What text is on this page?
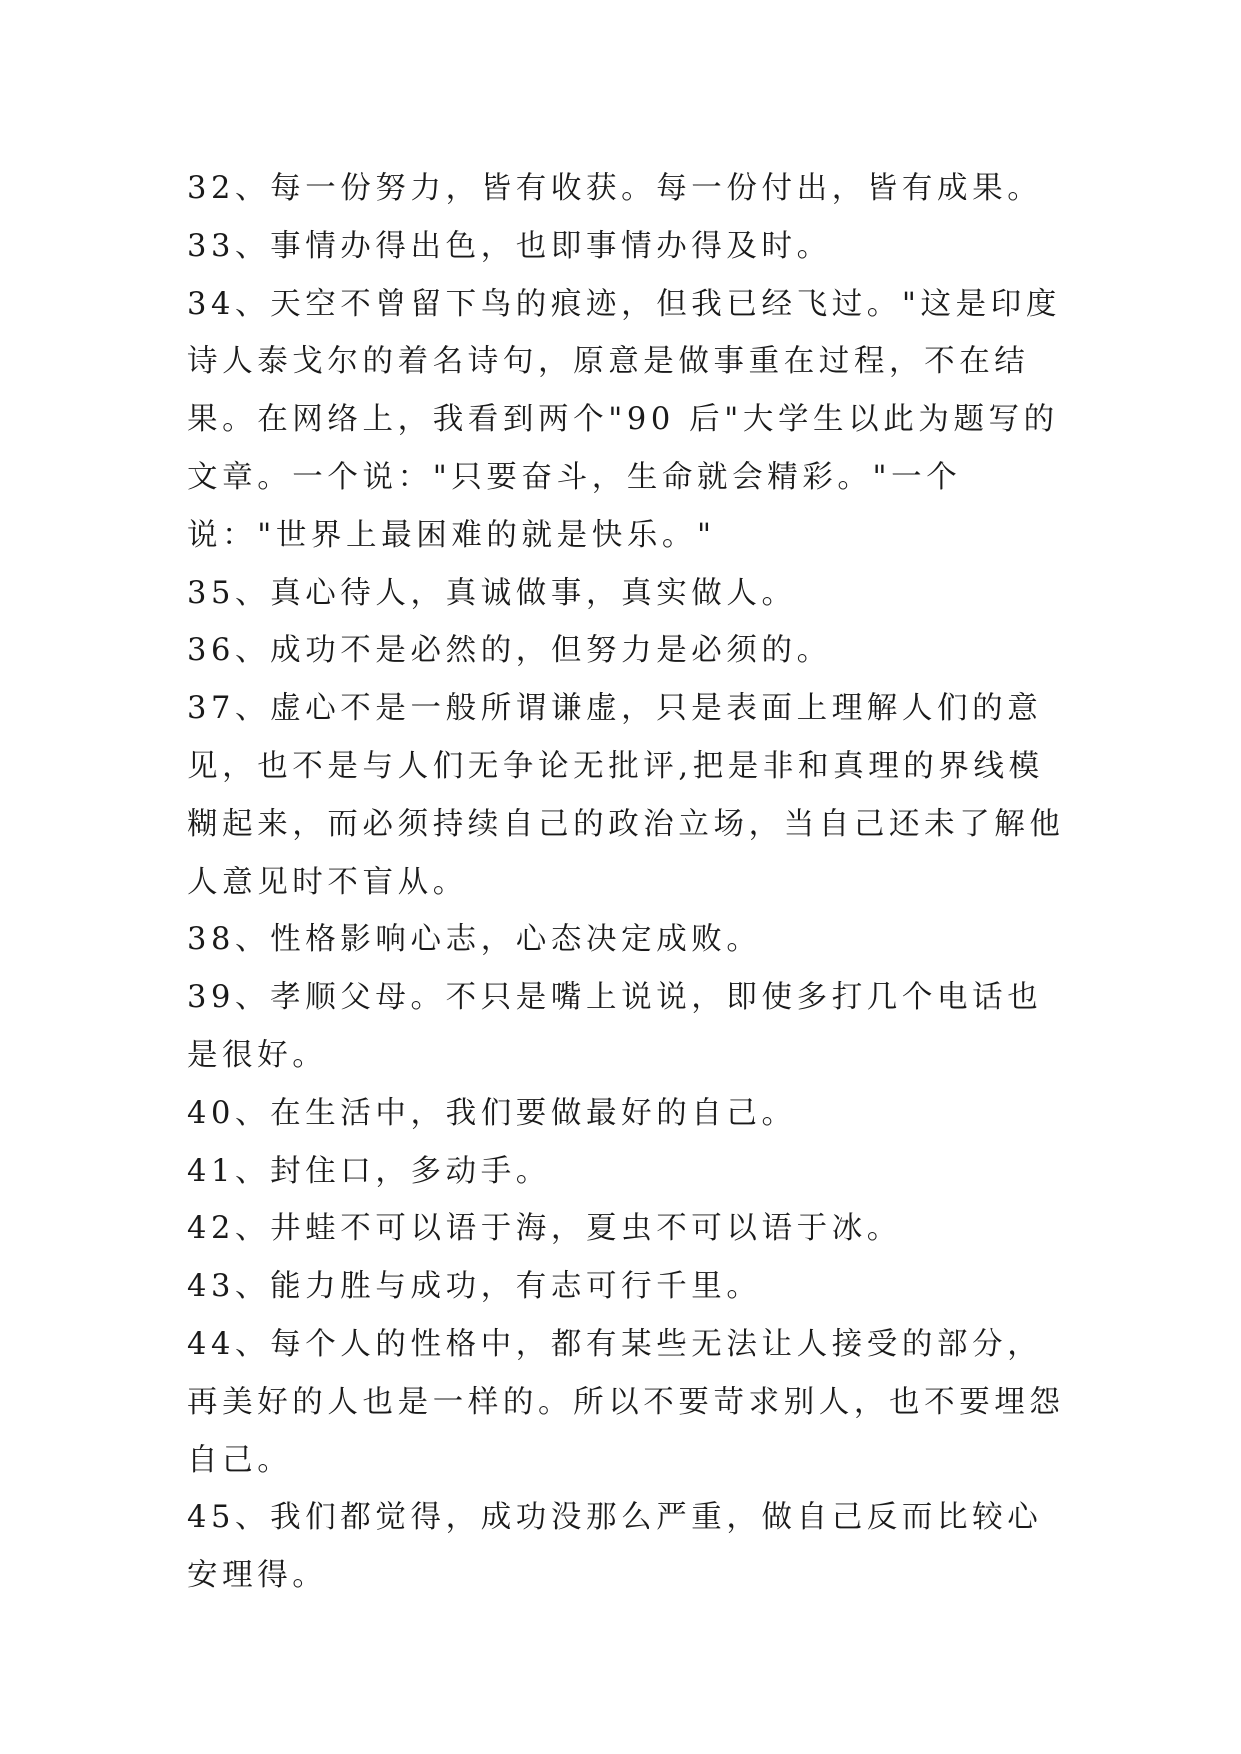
32、每一份努力，皆有收获。每一份付出，皆有成果。

33、事情办得出色，也即事情办得及时。

34、天空不曾留下鸟的痕迹，但我已经飞过。"这是印度诗人泰戈尔的着名诗句，原意是做事重在过程，不在结果。在网络上，我看到两个"90 后"大学生以此为题写的文章。一个说："只要奋斗，生命就会精彩。"一个说："世界上最困难的就是快乐。"

35、真心待人，真诚做事，真实做人。

36、成功不是必然的，但努力是必须的。

37、虚心不是一般所谓谦虚，只是表面上理解人们的意见，也不是与人们无争论无批评,把是非和真理的界线模糊起来，而必须持续自己的政治立场，当自己还未了解他人意见时不盲从。

38、性格影响心志，心态决定成败。

39、孝顺父母。不只是嘴上说说，即使多打几个电话也是很好。

40、在生活中，我们要做最好的自己。

41、封住口，多动手。

42、井蛙不可以语于海，夏虫不可以语于冰。

43、能力胜与成功，有志可行千里。

44、每个人的性格中，都有某些无法让人接受的部分，再美好的人也是一样的。所以不要苛求别人，也不要埋怨自己。

45、我们都觉得，成功没那么严重，做自己反而比较心安理得。
